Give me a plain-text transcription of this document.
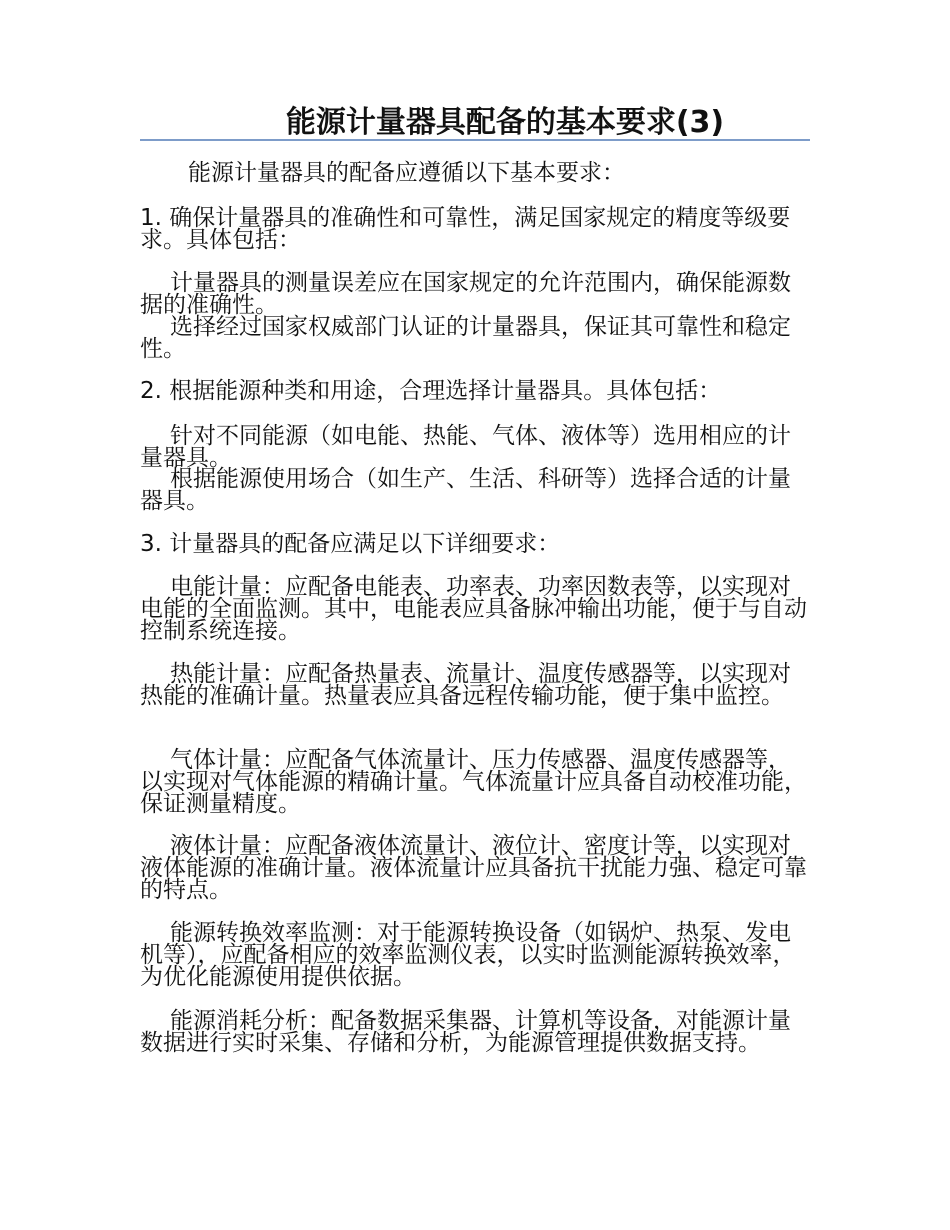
能源计量器具配备的基本要求(3)

能源计量器具的配备应遵循以下基本要求：

1. 确保计量器具的准确性和可靠性，满足国家规定的精度等级要求。具体包括：

计量器具的测量误差应在国家规定的允许范围内，确保能源数据的准确性。

选择经过国家权威部门认证的计量器具，保证其可靠性和稳定性。

2. 根据能源种类和用途，合理选择计量器具。具体包括：

针对不同能源（如电能、热能、气体、液体等）选用相应的计量器具。

根据能源使用场合（如生产、生活、科研等）选择合适的计量器具。

3. 计量器具的配备应满足以下详细要求：

电能计量：应配备电能表、功率表、功率因数表等，以实现对电能的全面监测。其中，电能表应具备脉冲输出功能，便于与自动控制系统连接。

热能计量：应配备热量表、流量计、温度传感器等，以实现对热能的准确计量。热量表应具备远程传输功能，便于集中监控。

气体计量：应配备气体流量计、压力传感器、温度传感器等，以实现对气体能源的精确计量。气体流量计应具备自动校准功能，保证测量精度。

液体计量：应配备液体流量计、液位计、密度计等，以实现对液体能源的准确计量。液体流量计应具备抗干扰能力强、稳定可靠的特点。

能源转换效率监测：对于能源转换设备（如锅炉、热泵、发电机等），应配备相应的效率监测仪表，以实时监测能源转换效率，为优化能源使用提供依据。

能源消耗分析：配备数据采集器、计算机等设备，对能源计量数据进行实时采集、存储和分析，为能源管理提供数据支持。
